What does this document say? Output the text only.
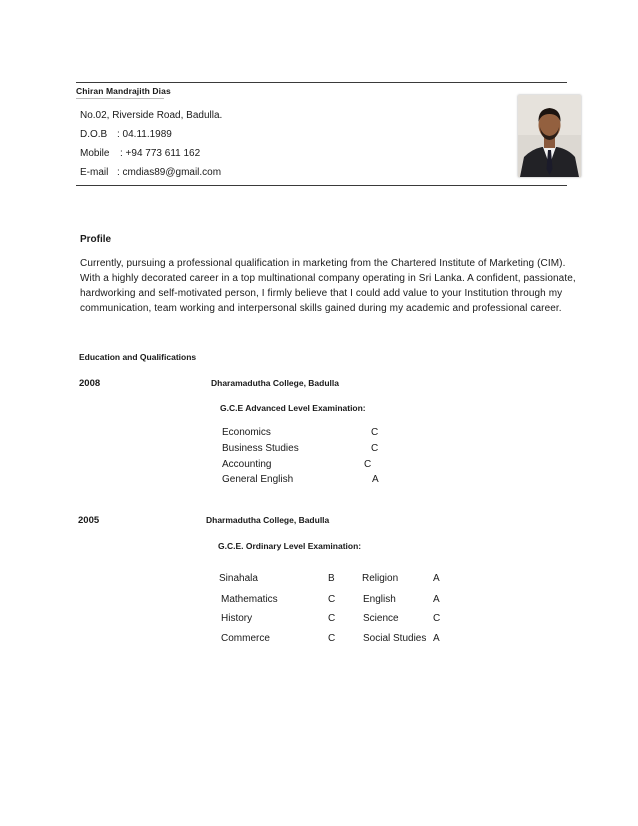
Chiran Mandrajith Dias
No.02, Riverside Road, Badulla.
D.O.B : 04.11.1989
Mobile : +94 773 611 162
E-mail : cmdias89@gmail.com
Profile
Currently, pursuing a professional qualification in marketing from the Chartered Institute of Marketing (CIM).
With a highly decorated career in a top multinational company operating in Sri Lanka. A confident, passionate,
hardworking and self-motivated person, I firmly believe that I could add value to your Institution through my
communication, team working and interpersonal skills gained during my academic and professional career.
Education and Qualifications
2008	Dharamadutha College, Badulla
G.C.E Advanced Level Examination:
Economics	C
Business Studies	C
Accounting	C
General English	A
2005	Dharmadutha College, Badulla
G.C.E. Ordinary Level Examination:
Sinahala	B	Religion	A
Mathematics	C	English	A
History	C	Science	C
Commerce	C	Social Studies A
